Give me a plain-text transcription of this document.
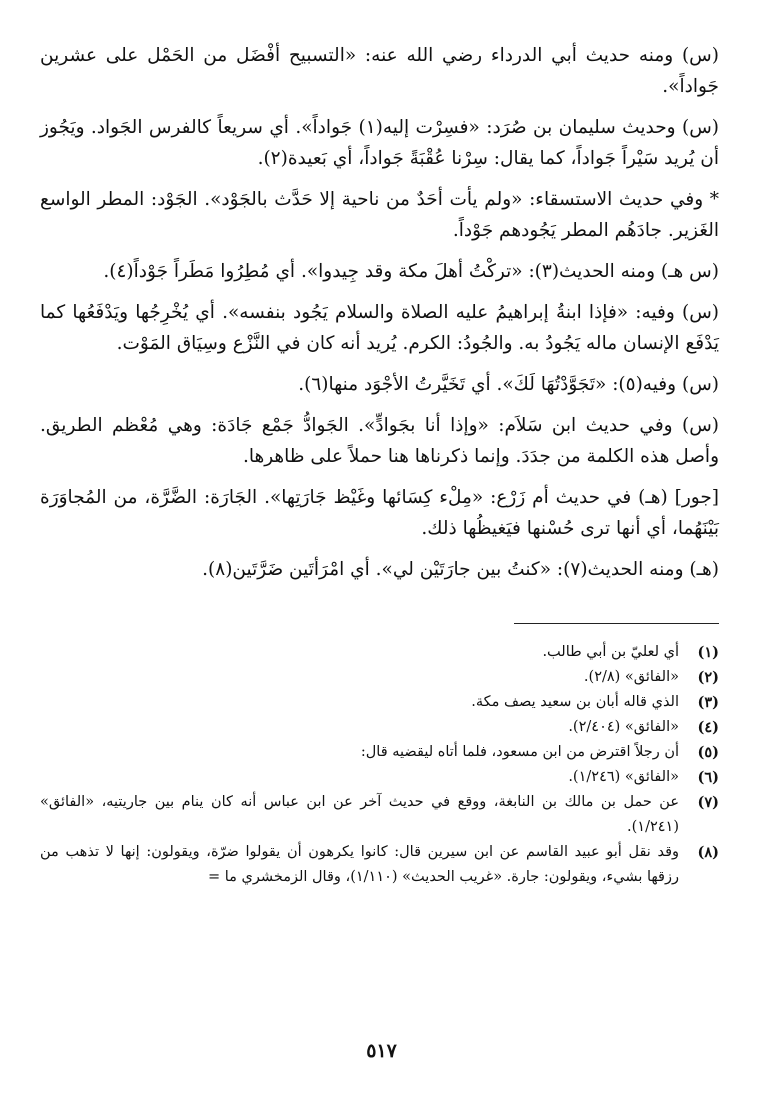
(س) ومنه حديث أبي الدرداء رضي الله عنه: «التسبيح أفْضَل من الحَمْل على عشرين جَواداً».

(س) وحديث سليمان بن صُرَد: «فسِرْت إليه(١) جَواداً». أي سريعاً كالفرس الجَواد. ويَجُوز أن يُريد سَيْراً جَواداً، كما يقال: سِرْنا عُقْبَةً جَواداً، أي بَعيدة(٢).

* وفي حديث الاستسقاء: «ولم يأت أحَدٌ من ناحية إلا حَدَّث بالجَوْد». الجَوْد: المطر الواسع الغَزير. جادَهُم المطر يَجُودهم جَوْداً.

(س هـ) ومنه الحديث(٣): «تركْتُ أهلَ مكة وقد جِيدوا». أي مُطِرُوا مَطَراً جَوْداً(٤).

(س) وفيه: «فإذا ابنةُ إبراهيمُ عليه الصلاة والسلام يَجُود بنفسه». أي يُخْرِجُها ويَدْفَعُها كما يَدْفَع الإنسان ماله يَجُودُ به. والجُودُ: الكرم. يُريد أنه كان في النَّزْع وسِيَاق المَوْت.

(س) وفيه(٥): «تَجَوَّدْتُهَا لَكَ». أي تَخَيَّرتُ الأجْوَد منها(٦).

(س) وفي حديث ابن سَلاَم: «وإذا أنا بجَوادٍّ». الجَوادُّ جَمْع جَادَة: وهي مُعْظم الطريق. وأصل هذه الكلمة من جدَدَ. وإنما ذكرناها هنا حملاً على ظاهرها.

[جور] (هـ) في حديث أم زَرْع: «مِلْء كِسَائها وغَيْظ جَارَتِها». الجَارَة: الضَّرَّة، من المُجاوَرَة بَيْنَهُما، أي أنها ترى حُسْنها فيَغيظُها ذلك.

(هـ) ومنه الحديث(٧): «كنتُ بين جارَتَيْن لي». أي امْرَأتَين ضَرَّتَين(٨).

(١)
أي لعليّ بن أبي طالب.
(٢)
«الفائق» (٢/٨).
(٣)
الذي قاله أبان بن سعيد يصف مكة.
(٤)
«الفائق» (٢/٤٠٤).
(٥)
أن رجلاً اقترض من ابن مسعود، فلما أتاه ليقضيه قال:
(٦)
«الفائق» (١/٢٤٦).
(٧)
عن حمل بن مالك بن النابغة، ووقع في حديث آخر عن ابن عباس أنه كان ينام بين جاريتيه، «الفائق» (١/٢٤١).
(٨)
وقد نقل أبو عبيد القاسم عن ابن سيرين قال: كانوا يكرهون أن يقولوا ضرّة، ويقولون: إنها لا تذهب من رزقها بشيء، ويقولون: جارة. «غريب الحديث» (١/١١٠)، وقال الزمخشري ما =
٥١٧
